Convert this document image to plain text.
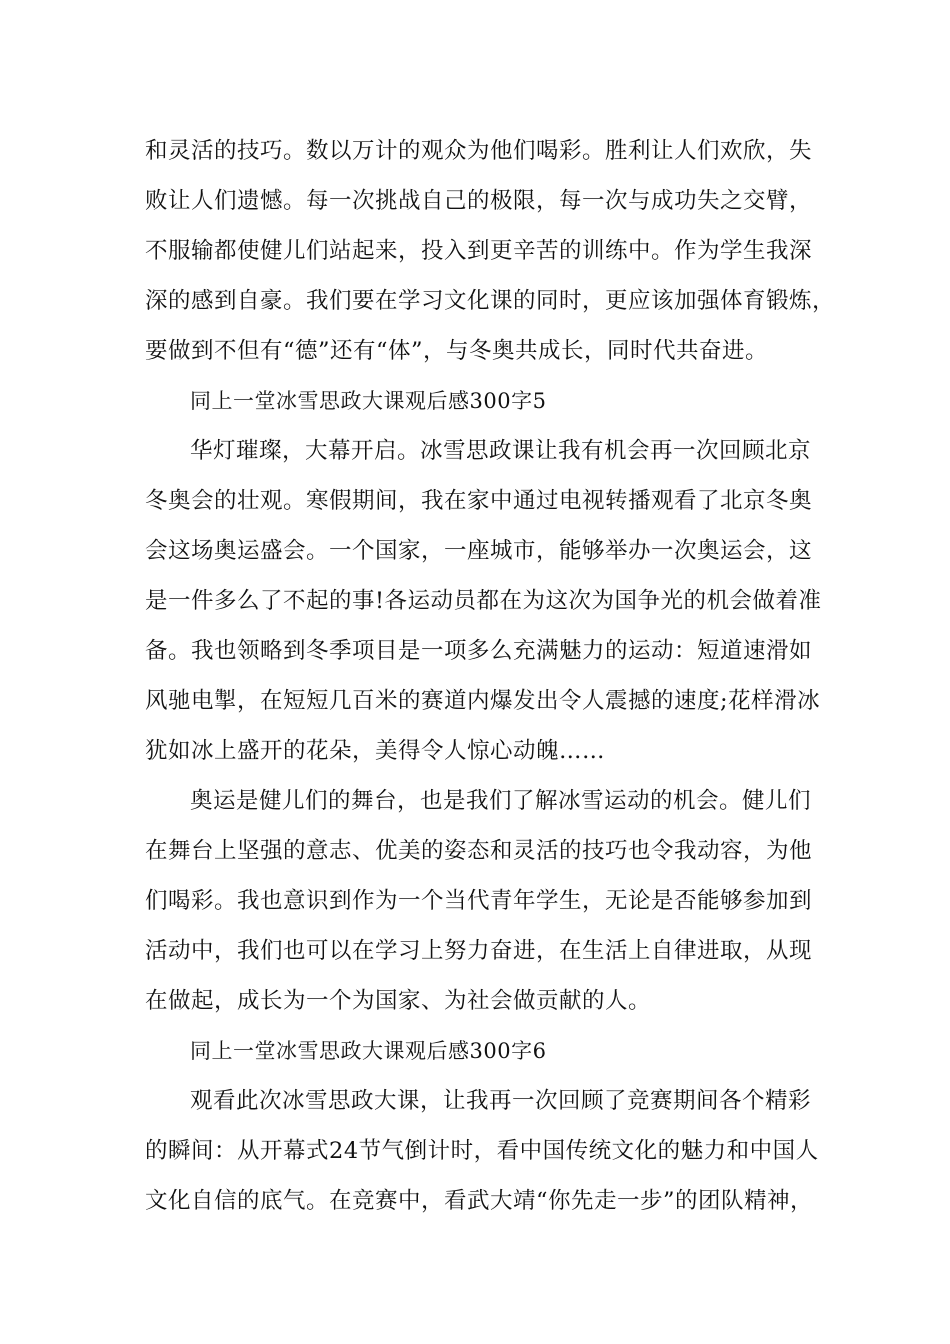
和灵活的技巧。数以万计的观众为他们喝彩。胜利让人们欢欣，失
败让人们遗憾。每一次挑战自己的极限，每一次与成功失之交臂，
不服输都使健儿们站起来，投入到更辛苦的训练中。作为学生我深
深的感到自豪。我们要在学习文化课的同时，更应该加强体育锻炼，
要做到不但有“德”还有“体”，与冬奥共成长，同时代共奋进。
同上一堂冰雪思政大课观后感300字5
华灯璀璨，大幕开启。冰雪思政课让我有机会再一次回顾北京
冬奥会的壮观。寒假期间，我在家中通过电视转播观看了北京冬奥
会这场奥运盛会。一个国家，一座城市，能够举办一次奥运会，这
是一件多么了不起的事!各运动员都在为这次为国争光的机会做着准
备。我也领略到冬季项目是一项多么充满魅力的运动：短道速滑如
风驰电掣，在短短几百米的赛道内爆发出令人震撼的速度;花样滑冰
犹如冰上盛开的花朵，美得令人惊心动魄……
奥运是健儿们的舞台，也是我们了解冰雪运动的机会。健儿们
在舞台上坚强的意志、优美的姿态和灵活的技巧也令我动容，为他
们喝彩。我也意识到作为一个当代青年学生，无论是否能够参加到
活动中，我们也可以在学习上努力奋进，在生活上自律进取，从现
在做起，成长为一个为国家、为社会做贡献的人。
同上一堂冰雪思政大课观后感300字6
观看此次冰雪思政大课，让我再一次回顾了竞赛期间各个精彩
的瞬间：从开幕式24节气倒计时，看中国传统文化的魅力和中国人
文化自信的底气。在竞赛中，看武大靖“你先走一步”的团队精神，
